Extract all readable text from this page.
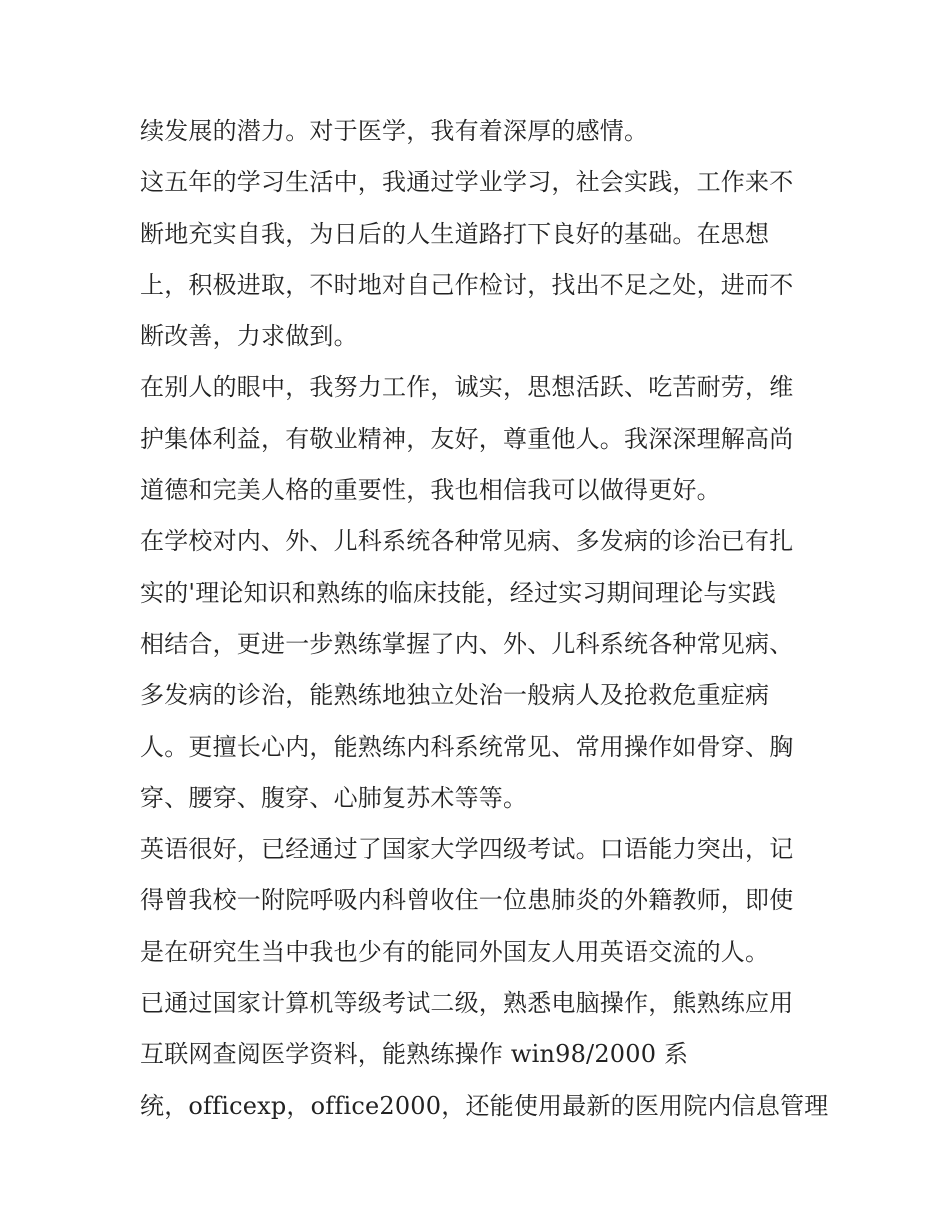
续发展的潜力。对于医学，我有着深厚的感情。
这五年的学习生活中，我通过学业学习，社会实践，工作来不
断地充实自我，为日后的人生道路打下良好的基础。在思想
上，积极进取，不时地对自己作检讨，找出不足之处，进而不
断改善，力求做到。
在别人的眼中，我努力工作，诚实，思想活跃、吃苦耐劳，维
护集体利益，有敬业精神，友好，尊重他人。我深深理解高尚
道德和完美人格的重要性，我也相信我可以做得更好。
在学校对内、外、儿科系统各种常见病、多发病的诊治已有扎
实的'理论知识和熟练的临床技能，经过实习期间理论与实践
相结合，更进一步熟练掌握了内、外、儿科系统各种常见病、
多发病的诊治，能熟练地独立处治一般病人及抢救危重症病
人。更擅长心内，能熟练内科系统常见、常用操作如骨穿、胸
穿、腰穿、腹穿、心肺复苏术等等。
英语很好，已经通过了国家大学四级考试。口语能力突出，记
得曾我校一附院呼吸内科曾收住一位患肺炎的外籍教师，即使
是在研究生当中我也少有的能同外国友人用英语交流的人。
已通过国家计算机等级考试二级，熟悉电脑操作，熊熟练应用
互联网查阅医学资料，能熟练操作 win98/2000 系
统，officexp，office2000，还能使用最新的医用院内信息管理
